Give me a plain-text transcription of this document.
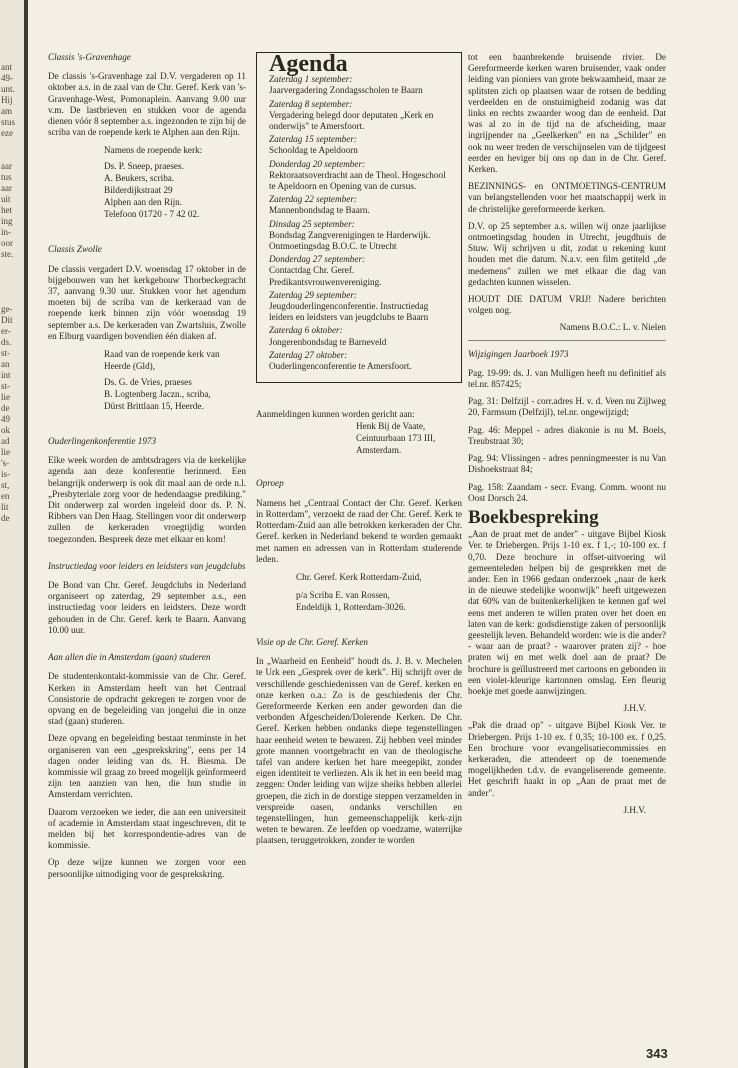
ant
49-
unt.
Hij
am
stus
eze
aar
tus
aar
uit
het
ing
in-
oor
ste.
ge-
Dit
er-
ds.
st-
an
int
st-
lie
de
49
ok
ad
lie
's-
is-
st,
en
lit
de
Classis 's-Gravenhage

De classis 's-Gravenhage zal D.V. vergaderen op 11 oktober a.s. in de zaal van de Chr. Geref. Kerk van 's-Gravenhage-West, Pomonaplein. Aanvang 9.00 uur v.m. De lastbrieven en stukken voor de agenda dienen vóór 8 september a.s. ingezonden te zijn bij de scriba van de roepende kerk te Alphen aan den Rijn.

Namens de roepende kerk:
Ds. P. Sneep, praeses.
A. Beukers, scriba.
Bilderdijkstraat 29
Alphen aan den Rijn.
Telefoon 01720 - 7 42 02.
Classis Zwolle

De classis vergadert D.V. woensdag 17 oktober in de bijgebouwen van het kerkgebouw Thorbeckegracht 37, aanvang 9.30 uur. Stukken voor het agendum moeten bij de scriba van de kerkeraad van de roepende kerk binnen zijn vóór woensdag 19 september a.s. De kerkeraden van Zwartsluis, Zwolle en Elburg vaardigen bovendien één diaken af.

Raad van de roepende kerk van Heerde (Gld),
Ds. G. de Vries, praeses
B. Logtenberg Jaczn., scriba,
Dürst Brittlaan 15, Heerde.
Ouderlingenkonferentie 1973

Elke week worden de ambtsdragers via de kerkelijke agenda aan deze konferentie herinnerd. Een belangrijk onderwerp is ook dit maal aan de orde n.l. „Presbyteriale zorg voor de hedendaagse prediking." Dit onderwerp zal worden ingeleid door ds. P. N. Ribbers van Den Haag. Stellingen voor dit onderwerp zullen de kerkeraden vroegtijdig worden toegezonden. Bespreek deze met elkaar en kom!

Instructiedag voor leiders en leidsters van jeugdclubs

De Bond van Chr. Geref. Jeugdclubs in Nederland organiseert op zaterdag, 29 september a.s., een instructiedag voor leiders en leidsters. Deze wordt gehouden in de Chr. Geref. kerk te Baarn. Aanvang 10.00 uur.

Aan allen die in Amsterdam (gaan) studeren

De studentenkontakt-kommissie van de Chr. Geref. Kerken in Amsterdam heeft van het Centraal Consistorie de opdracht gekregen te zorgen voor de opvang en de begeleiding van jongelui die in onze stad (gaan) studeren.

Deze opvang en begeleiding bestaat tenminste in het organiseren van een „gesprekskring", eens per 14 dagen onder leiding van ds. H. Biesma. De kommissie wil graag zo breed mogelijk geïnformeerd zijn ten aanzien van hen, die hun studie in Amsterdam verrichten.

Daarom verzoeken we ieder, die aan een universiteit of academie in Amsterdam staat ingeschreven, dit te melden bij het korrespondentie-adres van de kommissie.

Op deze wijze kunnen we zorgen voor een persoonlijke uitnodiging voor de gesprekskring.

Agenda
Zaterdag 1 september:
Jaarvergadering Zondagsscholen te Baarn
Zaterdag 8 september:
Vergadering belegd door deputaten „Kerk en onderwijs" te Amersfoort.
Zaterdag 15 september:
Schooldag te Apeldoorn
Donderdag 20 september:
Rektoraatsoverdracht aan de Theol. Hogeschool te Apeldoorn en Opening van de cursus.
Zaterdag 22 september:
Mannenbondsdag te Baarn.
Dinsdag 25 september:
Bondsdag Zangverenigingen te Harderwijk. Ontmoetingsdag B.O.C. te Utrecht
Donderdag 27 september:
Contactdag Chr. Geref. Predikantsvrouwenvereniging.
Zaterdag 29 september:
Jeugdouderlingenconferentie. Instructiedag leiders en leidsters van jeugdclubs te Baarn
Zaterdag 6 oktober:
Jongerenbondsdag te Barneveld
Zaterdag 27 oktober:
Ouderlingenconferentie te Amersfoort.
Aanmeldingen kunnen worden gericht aan:
Henk Bij de Vaate,
Ceintuurbaan 173 III,
Amsterdam.
Oproep

Namens het „Centraal Contact der Chr. Geref. Kerken in Rotterdam", verzoekt de raad der Chr. Geref. Kerk te Rotterdam-Zuid aan alle betrokken kerkeraden der Chr. Geref. kerken in Nederland bekend te worden gemaakt met namen en adressen van in Rotterdam studerende leden.

Chr. Geref. Kerk Rotterdam-Zuid,
p/a Scriba E. van Rossen,
Endeldijk 1, Rotterdam-3026.
Visie op de Chr. Geref. Kerken

In „Waarheid en Eenheid" houdt ds. J. B. v. Mechelen te Urk een „Gesprek over de kerk". Hij schrijft over de verschillende geschiedenissen van de Geref. kerken en onze kerken o.a.: Zo is de geschiedenis der Chr. Gereformeerde Kerken een ander geworden dan die verbonden Afgescheiden/Dolerende Kerken. De Chr. Geref. Kerken hebben ondanks diepe tegenstellingen haar eenheid weten te bewaren. Zij hebben veel minder grote mannen voortgebracht en van de theologische tafel van andere kerken het hare meegepikt, zonder eigen identiteit te verliezen. Als ik het in een beeld mag zeggen: Onder leiding van wijze sheiks hebben allerlei groepen, die zich in de dorstige steppen verzamelden in verspreide oasen, ondanks verschillen en tegenstellingen, hun gemeenschappelijk kerk-zijn weten te bewaren. Ze leefden op voedzame, waterrijke plaatsen, teruggetrokken, zonder te worden

tot een baanbrekende bruisende rivier. De Gereformeerde kerken waren bruisender, vaak onder leiding van pioniers van grote bekwaamheid, maar ze splitsten zich op plaatsen waar de rotsen de bedding verdeelden en de onstuimigheid zodanig was dat links en rechts zwaarder woog dan de eenheid. Dat was al zo in de tijd na de afscheiding, maar ingrijpender na „Geelkerken" en na „Schilder" en ook nu weer treden de verschijnselen van de tijdgeest eerder en heviger bij ons op dan in de Chr. Geref. Kerken.

BEZINNINGS- en ONTMOETINGS-CENTRUM van belangstellenden voor het maatschappij werk in de christelijke gereformeerde kerken.

D.V. op 25 september a.s. willen wij onze jaarlijkse ontmoetingsdag houden in Utrecht, jeugdhuis de Stuw. Wij schrijven u dit, zodat u rekening kunt houden met die datum. N.a.v. een film getiteld „de medemens" zullen we met elkaar die dag van gedachten kunnen wisselen.

HOUDT DIE DATUM VRIJ! Nadere berichten volgen nog.

Namens B.O.C.: L. v. Nielen

Wijzigingen Jaarboek 1973

Pag. 19-99: ds. J. van Mulligen heeft nu definitief als tel.nr. 857425;

Pag. 31: Delfzijl - corr.adres H. v. d. Veen nu Zijlweg 20, Farmsum (Delfzijl), tel.nr. ongewijzigd;

Pag. 46: Meppel - adres diakonie is nu M. Boels, Treubstraat 30;

Pag. 94: Vlissingen - adres penningmeester is nu Van Dishoekstraat 84;

Pag. 158: Zaandam - secr. Evang. Comm. woont nu Oost Dorsch 24.

Boekbespreking

„Aan de praat met de ander" - uitgave Bijbel Kiosk Ver. te Driebergen. Prijs 1-10 ex. f 1,-; 10-100 ex. f 0,70. Deze brochure in offset-uitvoering wil gemeenteleden helpen bij de gesprekken met de ander. Een in 1966 gedaan onderzoek „naar de kerk in de nieuwe stedelijke woonwijk" heeft uitgewezen dat 60% van de buitenkerkelijken te kennen gaf wel eens met anderen te willen praten over het doen en laten van de kerk: godsdienstige zaken of persoonlijk geestelijk leven. Behandeld worden: wie is die ander? - waar aan de praat? - waarover praten zij? - hoe praten wij en met welk doel aan de praat? De brochure is geïllustreerd met cartoons en gebonden in een violet-kleurige kartonnen omslag. Een fleurig boekje met goede aanwijzingen.

J.H.V.

„Pak die draad op" - uitgave Bijbel Kiosk Ver. te Driebergen. Prijs 1-10 ex. f 0,35; 10-100 ex. f 0,25. Een brochure voor evangelisatiecommissies en kerkeraden, die attendeert op de toenemende mogelijkheden t.d.v. de evangeliserende gemeente. Het geschrift haakt in op „Aan de praat met de ander".

J.H.V.

343
